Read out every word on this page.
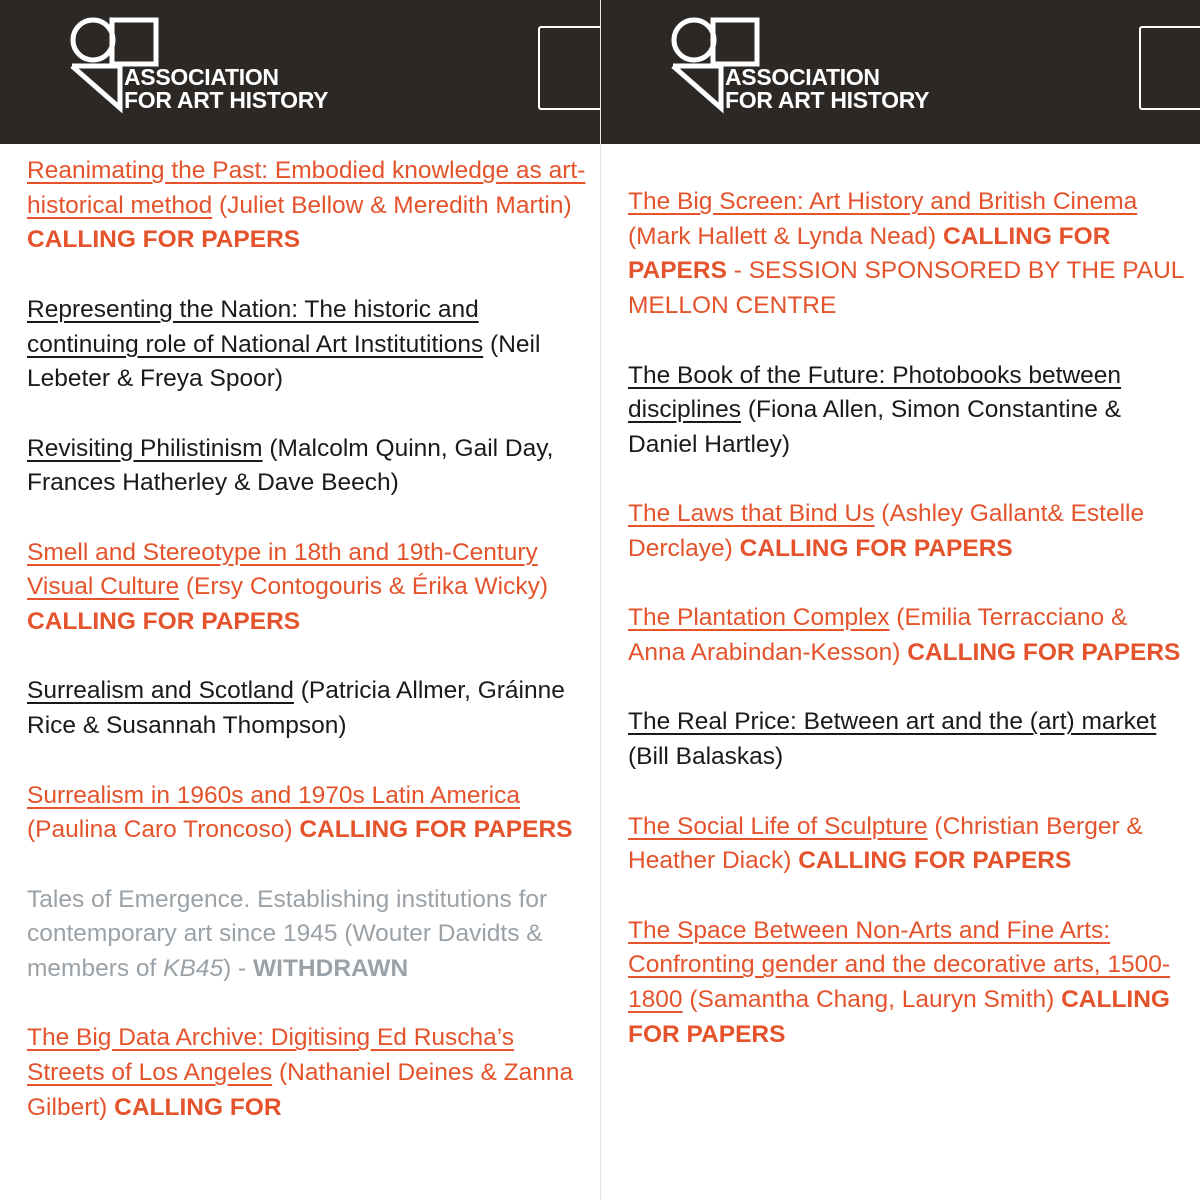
ASSOCIATION
FOR ART HISTORY
Reanimating the Past: Embodied knowledge as art-historical method (Juliet Bellow & Meredith Martin) CALLING FOR PAPERS
Representing the Nation: The historic and continuing role of National Art Institutitions (Neil Lebeter & Freya Spoor)
Revisiting Philistinism (Malcolm Quinn, Gail Day, Frances Hatherley & Dave Beech)
Smell and Stereotype in 18th and 19th-Century Visual Culture (Ersy Contogouris & Érika Wicky) CALLING FOR PAPERS
Surrealism and Scotland (Patricia Allmer, Gráinne Rice & Susannah Thompson)
Surrealism in 1960s and 1970s Latin America (Paulina Caro Troncoso) CALLING FOR PAPERS
Tales of Emergence. Establishing institutions for contemporary art since 1945 (Wouter Davidts & members of KB45) - WITHDRAWN
The Big Data Archive: Digitising Ed Ruscha’s Streets of Los Angeles (Nathaniel Deines & Zanna Gilbert) CALLING FOR
ASSOCIATION
FOR ART HISTORY
The Big Screen: Art History and British Cinema (Mark Hallett & Lynda Nead) CALLING FOR PAPERS - SESSION SPONSORED BY THE PAUL MELLON CENTRE
The Book of the Future: Photobooks between disciplines (Fiona Allen, Simon Constantine & Daniel Hartley)
The Laws that Bind Us (Ashley Gallant& Estelle Derclaye) CALLING FOR PAPERS
The Plantation Complex (Emilia Terracciano & Anna Arabindan-Kesson) CALLING FOR PAPERS
The Real Price: Between art and the (art) market (Bill Balaskas)
The Social Life of Sculpture (Christian Berger & Heather Diack) CALLING FOR PAPERS
The Space Between Non-Arts and Fine Arts: Confronting gender and the decorative arts, 1500-1800 (Samantha Chang, Lauryn Smith) CALLING FOR PAPERS
